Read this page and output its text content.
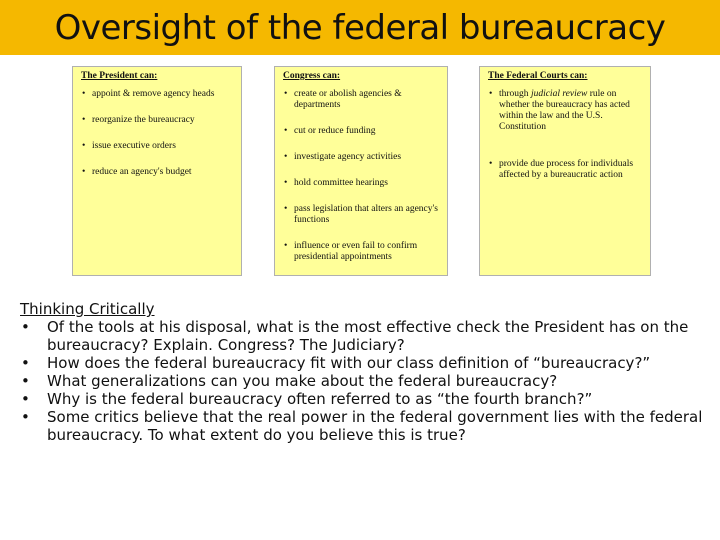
Oversight of the federal bureaucracy
The President can:
• appoint & remove agency heads
• reorganize the bureaucracy
• issue executive orders
• reduce an agency's budget
Congress can:
• create or abolish agencies & departments
• cut or reduce funding
• investigate agency activities
• hold committee hearings
• pass legislation that alters an agency's functions
• influence or even fail to confirm presidential appointments
The Federal Courts can:
• through judicial review rule on whether the bureaucracy has acted within the law and the U.S. Constitution
• provide due process for individuals affected by a bureaucratic action

Thinking Critically

• Of the tools at his disposal, what is the most effective check the President has on the bureaucracy? Explain. Congress? The Judiciary?
• How does the federal bureaucracy fit with our class definition of “bureaucracy?”
• What generalizations can you make about the federal bureaucracy?
• Why is the federal bureaucracy often referred to as “the fourth branch?”
• Some critics believe that the real power in the federal government lies with the federal bureaucracy. To what extent do you believe this is true?
